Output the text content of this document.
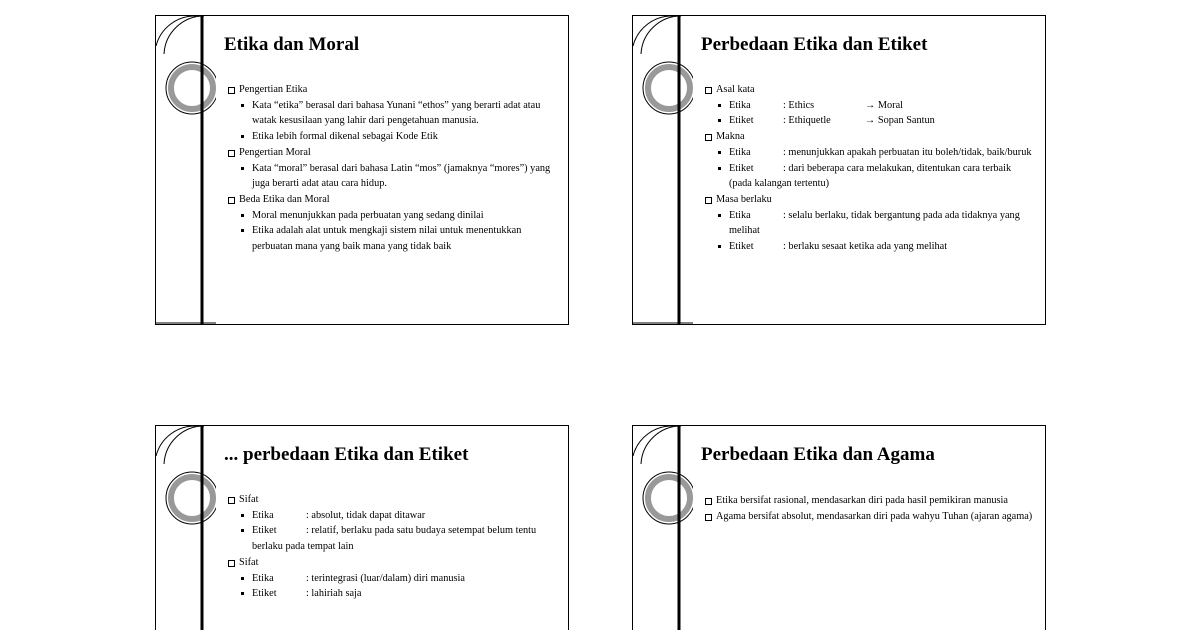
Etika dan Moral
Pengertian Etika
Kata “etika” berasal dari bahasa Yunani “ethos” yang berarti adat atau watak kesusilaan yang lahir dari pengetahuan manusia.
Etika lebih formal dikenal sebagai Kode Etik
Pengertian Moral
Kata “moral” berasal dari bahasa Latin “mos” (jamaknya “mores”) yang juga berarti adat atau cara hidup.
Beda Etika dan Moral
Moral menunjukkan pada perbuatan yang sedang dinilai
Etika adalah alat untuk mengkaji sistem nilai untuk menentukkan perbuatan mana yang baik mana yang tidak baik
Perbedaan Etika dan Etiket
Asal kata
Etika	: Ethics	→ Moral
Etiket	: Ethiquetle	→ Sopan Santun
Makna
Etika	: menunjukkan apakah perbuatan itu boleh/tidak, baik/buruk
Etiket	: dari beberapa cara melakukan, ditentukan cara terbaik (pada kalangan tertentu)
Masa berlaku
Etika	: selalu berlaku, tidak bergantung pada ada tidaknya yang melihat
Etiket	: berlaku sesaat ketika ada yang melihat
... perbedaan Etika dan Etiket
Sifat
Etika	: absolut, tidak dapat ditawar
Etiket	: relatif, berlaku pada satu budaya setempat belum tentu berlaku pada tempat lain
Sifat
Etika	: terintegrasi (luar/dalam) diri manusia
Etiket	: lahiriah saja
Perbedaan Etika dan Agama
Etika bersifat rasional, mendasarkan diri pada hasil pemikiran manusia
Agama bersifat absolut, mendasarkan diri pada wahyu Tuhan (ajaran agama)
